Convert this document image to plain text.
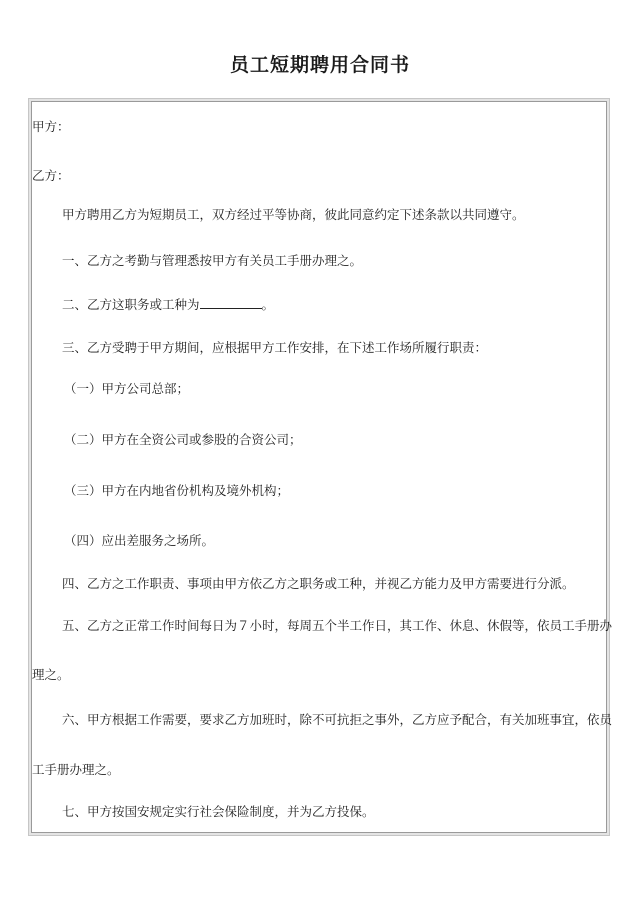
员工短期聘用合同书

甲方：

乙方：

甲方聘用乙方为短期员工，双方经过平等协商，彼此同意约定下述条款以共同遵守。

一、乙方之考勤与管理悉按甲方有关员工手册办理之。

二、乙方这职务或工种为	。

三、乙方受聘于甲方期间，应根据甲方工作安排，在下述工作场所履行职责：

（一）甲方公司总部；

（二）甲方在全资公司或参股的合资公司；

（三）甲方在内地省份机构及境外机构；

（四）应出差服务之场所。

四、乙方之工作职责、事项由甲方依乙方之职务或工种，并视乙方能力及甲方需要进行分派。

五、乙方之正常工作时间每日为７小时，每周五个半工作日，其工作、休息、休假等，依员工手册办

理之。

六、甲方根据工作需要，要求乙方加班时，除不可抗拒之事外，乙方应予配合，有关加班事宜，依员

工手册办理之。

七、甲方按国安规定实行社会保险制度，并为乙方投保。
